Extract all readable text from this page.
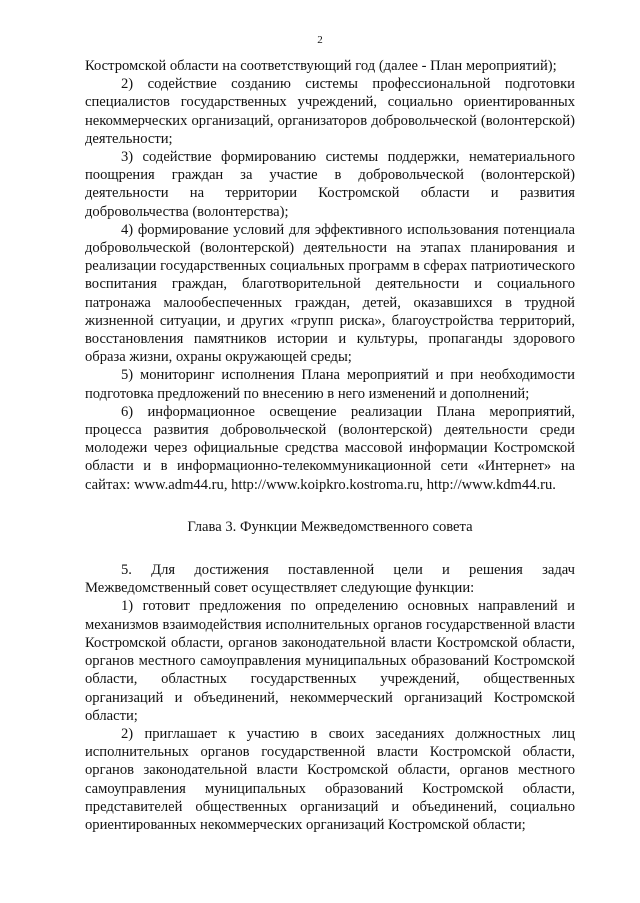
2

Костромской области на соответствующий год (далее - План мероприятий);

2) содействие созданию системы профессиональной подготовки специалистов государственных учреждений, социально ориентированных некоммерческих организаций, организаторов добровольческой (волонтерской) деятельности;

3) содействие формированию системы поддержки, нематериального поощрения граждан за участие в добровольческой (волонтерской) деятельности на территории Костромской области и развития добровольчества (волонтерства);

4) формирование условий для эффективного использования потенциала добровольческой (волонтерской) деятельности на этапах планирования и реализации государственных социальных программ в сферах патриотического воспитания граждан, благотворительной деятельности и социального патронажа малообеспеченных граждан, детей, оказавшихся в трудной жизненной ситуации, и других «групп риска», благоустройства территорий, восстановления памятников истории и культуры, пропаганды здорового образа жизни, охраны окружающей среды;

5) мониторинг исполнения Плана мероприятий и при необходимости подготовка предложений по внесению в него изменений и дополнений;

6) информационное освещение реализации Плана мероприятий, процесса развития добровольческой (волонтерской) деятельности среди молодежи через официальные средства массовой информации Костромской области и в информационно-телекоммуникационной сети «Интернет» на сайтах: www.adm44.ru, http://www.koipkro.kostroma.ru, http://www.kdm44.ru.

Глава 3. Функции Межведомственного совета

5. Для достижения поставленной цели и решения задач Межведомственный совет осуществляет следующие функции:

1) готовит предложения по определению основных направлений и механизмов взаимодействия исполнительных органов государственной власти Костромской области, органов законодательной власти Костромской области, органов местного самоуправления муниципальных образований Костромской области, областных государственных учреждений, общественных организаций и объединений, некоммерческий организаций Костромской области;

2) приглашает к участию в своих заседаниях должностных лиц исполнительных органов государственной власти Костромской области, органов законодательной власти Костромской области, органов местного самоуправления муниципальных образований Костромской области, представителей общественных организаций и объединений, социально ориентированных некоммерческих организаций Костромской области;
